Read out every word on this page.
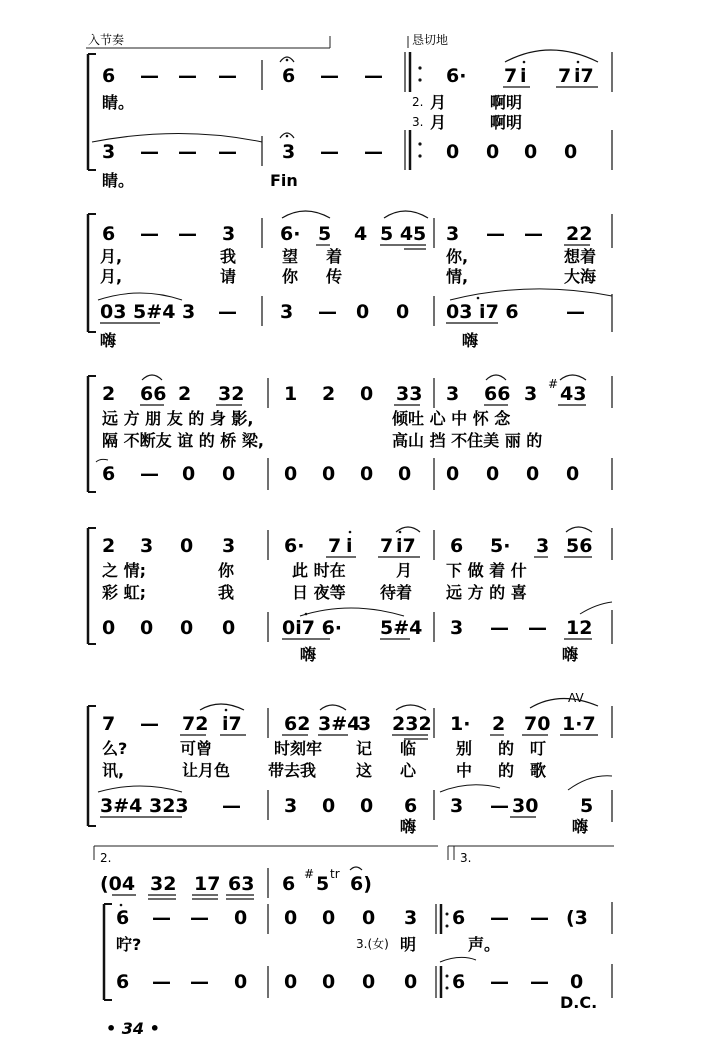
入节奏	恳切地
6 — — — 6 — —	6· 7 i 7 i7
睛。	2. 月	啊明
3. 月	啊明
3 — — — 3 — —	0 0 0 0
睛。	Fin
6 — — 3 6· 5 4 5 45 3 — — 22
月,	我	望 着	你,	想着
月,	请	你 传	情,	大海
03 5#4 3 — 3 — 0 0 03 i7 6 —
嗨	嗨
2 66 2 32 1 2 0 33 3 66 3 # 43
远 方 朋 友 的 身 影,	倾吐 心 中 怀 念
隔 不断友 谊 的 桥 梁,	高山 挡 不住美 丽 的
6 — 0 0	0 0 0 0 0 0 0 0
2 3 0 3	6· 7 i 7 i7 6 5· 3 56
之 情;	你	此 时在	月 下 做 着 什
彩 虹;	我	日 夜等 待着 远 方 的 喜
0 0 0 0 0i7 6· 5#4 3 — — 12
嗨	嗨
7 — 72 i7 62 3#4
3 232 1· 2 70 1·7
AV
么?	可曾	时刻牢 记 临 别 的 叮
讯,	让月色 带去我 这 心 中 的 歌
3#4 323 — 3 0 0 6 3 — 30 5
嗨	嗨
2.	3.
(04 32 17 63 6 # 5 tr 6)
6 — — 0 0 0 0 3 6 — — (3
咛?	3.(女) 明	声。
6 — — 0 0 0 0 0 6 — — 0
D.C.
• 34 •
